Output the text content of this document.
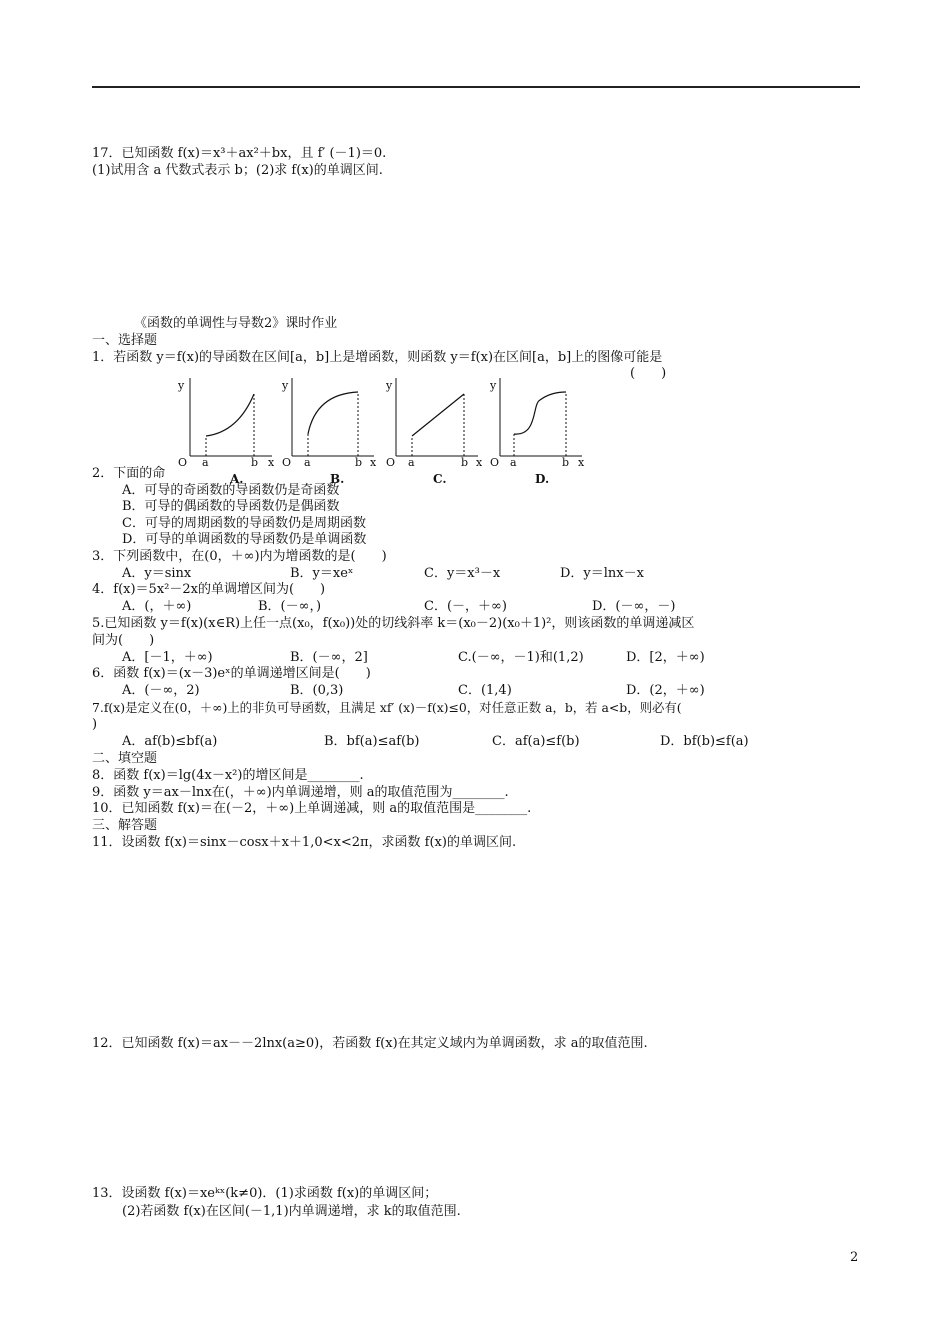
17．已知函数 f(x)＝x³＋ax²＋bx，且 f′ (－1)＝0.
(1)试用含 a 代数式表示 b；(2)求 f(x)的单调区间.
《函数的单调性与导数2》课时作业
一、选择题
1．若函数 y＝f(x)的导函数在区间[a，b]上是增函数，则函数 y＝f(x)在区间[a，b]上的图像可能是
(　　)
y	y	y	y
O a	b x O a	b x O a	b x O a	b x
A.	B.	C.	D.
2．下面的命
A．可导的奇函数的导函数仍是奇函数
B．可导的偶函数的导函数仍是偶函数
C．可导的周期函数的导函数仍是周期函数
D．可导的单调函数的导函数仍是单调函数
3．下列函数中，在(0，＋∞)内为增函数的是(　　)
A．y＝sinx	B．y＝xeˣ	C．y＝x³－x	D．y＝lnx－x
4．f(x)＝5x²－2x的单调增区间为(　　)
A．(，＋∞)	B．(－∞，)	C．(－，＋∞)	D．(－∞，－)
5.已知函数 y＝f(x)(x∈R)上任一点(x₀，f(x₀))处的切线斜率 k＝(x₀－2)(x₀＋1)²，则该函数的单调递减区
间为(　　)
A．[－1，＋∞)	B．(－∞，2]	C.(－∞，－1)和(1,2)	D．[2，＋∞)
6．函数 f(x)＝(x－3)eˣ的单调递增区间是(　　)
A．(－∞，2)	B．(0,3)	C．(1,4)	D．(2，＋∞)
7.f(x)是定义在(0，＋∞)上的非负可导函数，且满足 xf′ (x)－f(x)≤0，对任意正数 a，b，若 a<b，则必有(
)
A．af(b)≤bf(a)	B．bf(a)≤af(b)	C．af(a)≤f(b)	D．bf(b)≤f(a)
二、填空题
8．函数 f(x)＝lg(4x－x²)的增区间是________.
9．函数 y＝ax－lnx在(，＋∞)内单调递增，则 a的取值范围为________.
10．已知函数 f(x)＝在(－2，＋∞)上单调递减，则 a的取值范围是________.
三、解答题
11．设函数 f(x)＝sinx－cosx＋x＋1,0<x<2π，求函数 f(x)的单调区间.
12．已知函数 f(x)＝ax－－2lnx(a≥0)，若函数 f(x)在其定义域内为单调函数，求 a的取值范围.
13．设函数 f(x)＝xeᵏˣ(k≠0)．(1)求函数 f(x)的单调区间；
(2)若函数 f(x)在区间(－1,1)内单调递增，求 k的取值范围.
2
